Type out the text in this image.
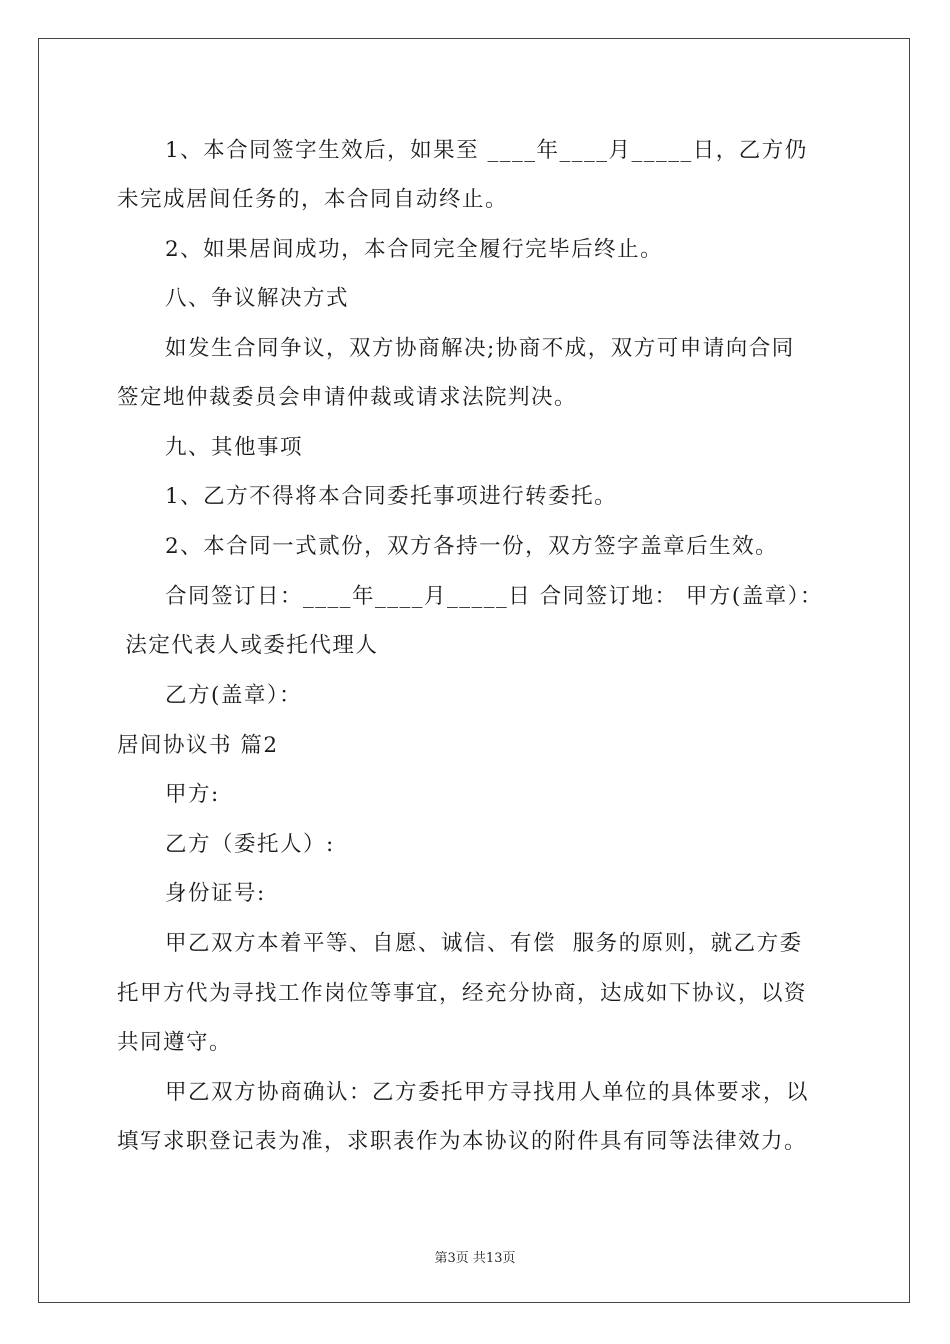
1、本合同签字生效后，如果至 ____年____月_____日，乙方仍

未完成居间任务的，本合同自动终止。

2、如果居间成功，本合同完全履行完毕后终止。

八、争议解决方式

如发生合同争议，双方协商解决;协商不成，双方可申请向合同

签定地仲裁委员会申请仲裁或请求法院判决。

九、其他事项

1、乙方不得将本合同委托事项进行转委托。

2、本合同一式贰份，双方各持一份，双方签字盖章后生效。

合同签订日：____年____月_____日 合同签订地： 甲方(盖章）：

法定代表人或委托代理人

乙方(盖章）：

居间协议书 篇2

甲方:

乙方（委托人）:

身份证号:

甲乙双方本着平等、自愿、诚信、有偿  服务的原则，就乙方委

托甲方代为寻找工作岗位等事宜，经充分协商，达成如下协议，以资

共同遵守。

甲乙双方协商确认：乙方委托甲方寻找用人单位的具体要求，以

填写求职登记表为准，求职表作为本协议的附件具有同等法律效力。

第3页 共13页
